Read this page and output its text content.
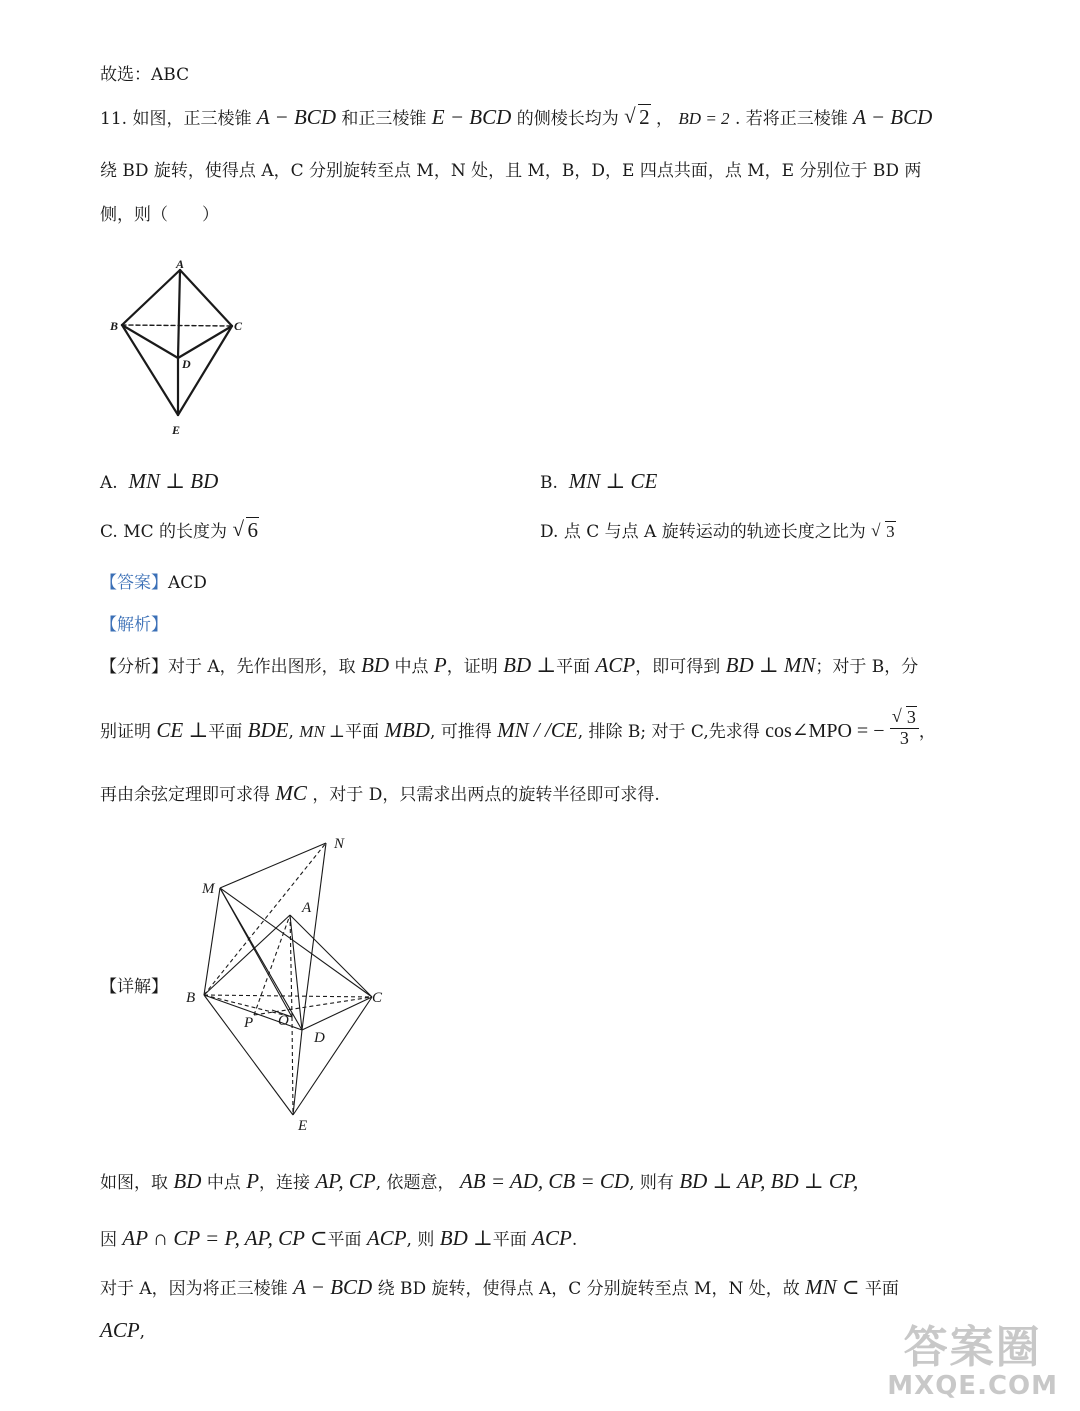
故选：ABC
11. 如图，正三棱锥 A − BCD 和正三棱锥 E − BCD 的侧棱长均为 √ 2 ， BD = 2 . 若将正三棱锥 A − BCD
绕 BD 旋转，使得点 A，C 分别旋转至点 M，N 处，且 M，B，D，E 四点共面，点 M，E 分别位于 BD 两
侧，则（　　）
A
B	C
D
E
A. MN ⊥ BD	B. MN ⊥ CE
C. MC 的长度为 √ 6	D. 点 C 与点 A 旋转运动的轨迹长度之比为 √ 3
【答案】ACD
【解析】
【分析】对于 A，先作出图形，取 BD 中点 P，证明 BD ⊥平面 ACP，即可得到 BD ⊥ MN；对于 B，分
别证明 CE ⊥平面 BDE, MN ⊥平面 MBD, 可推得 MN / /CE, 排除 B; 对于 C,先求得 cos∠MPO = − √ $\frac{3}{3}$ ，
再由余弦定理即可求得 MC ，对于 D，只需求出两点的旋转半径即可求得.
【详解】
M
N
A
B	C
P O
D
E
如图，取 BD 中点 P，连接 AP, CP, 依题意， AB = AD, CB = CD, 则有 BD ⊥ AP, BD ⊥ CP,
因 AP ∩ CP = P, AP, CP ⊂平面 ACP, 则 BD ⊥平面 ACP.
对于 A，因为将正三棱锥 A − BCD 绕 BD 旋转，使得点 A，C 分别旋转至点 M，N 处，故 MN ⊂ 平面
ACP,	答案圈
MXQE.COM
